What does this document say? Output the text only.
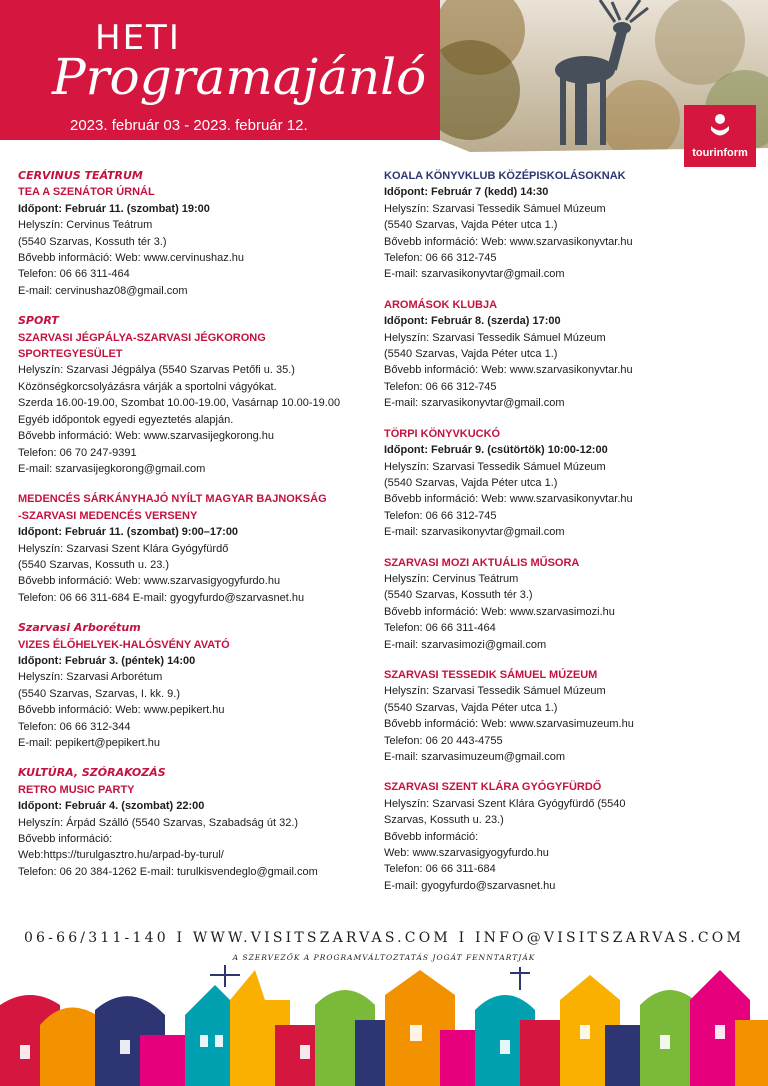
HETI
Programajánló
2023. február 03 - 2023. február 12.
tourinform
CERVINUS TEÁTRUM
TEA A SZENÁTOR ÚRNÁL
Időpont: Február 11. (szombat) 19:00
Helyszín: Cervinus Teátrum
(5540 Szarvas, Kossuth tér 3.)
Bővebb információ: Web: www.cervinushaz.hu
Telefon: 06 66 311-464
E-mail: cervinushaz08@gmail.com
SPORT
SZARVASI JÉGPÁLYA-SZARVASI JÉGKORONG
SPORTEGYESÜLET
Helyszín: Szarvasi Jégpálya (5540 Szarvas Petőfi u. 35.)
Közönségkorcsolyázásra várják a sportolni vágyókat.
Szerda 16.00-19.00, Szombat 10.00-19.00, Vasárnap 10.00-19.00
Egyéb időpontok egyedi egyeztetés alapján.
Bővebb információ: Web: www.szarvasijegkorong.hu
Telefon: 06 70 247-9391
E-mail: szarvasijegkorong@gmail.com
MEDENCÉS SÁRKÁNYHAJÓ NYÍLT MAGYAR BAJNOKSÁG
-SZARVASI MEDENCÉS VERSENY
Időpont: Február 11. (szombat) 9:00–17:00
Helyszín: Szarvasi Szent Klára Gyógyfürdő
(5540 Szarvas, Kossuth u. 23.)
Bővebb információ: Web: www.szarvasigyogyfurdo.hu
Telefon: 06 66 311-684 E-mail: gyogyfurdo@szarvasnet.hu
Szarvasi Arborétum
VIZES ÉLŐHELYEK-HALÓSVÉNY AVATÓ
Időpont: Február 3. (péntek) 14:00
Helyszín: Szarvasi Arborétum
(5540 Szarvas, Szarvas, I. kk. 9.)
Bővebb információ: Web: www.pepikert.hu
Telefon: 06 66 312-344
E-mail: pepikert@pepikert.hu
KULTÚRA, SZÓRAKOZÁS
RETRO MUSIC PARTY
Időpont: Február 4. (szombat) 22:00
Helyszín: Árpád Szálló (5540 Szarvas, Szabadság út 32.)
Bővebb információ:
Web:https://turulgasztro.hu/arpad-by-turul/
Telefon: 06 20 384-1262 E-mail: turulkisvendeglo@gmail.com
KOALA KÖNYVKLUB KÖZÉPISKOLÁSOKNAK
Időpont: Február 7 (kedd) 14:30
Helyszín: Szarvasi Tessedik Sámuel Múzeum
(5540 Szarvas, Vajda Péter utca 1.)
Bővebb információ: Web: www.szarvasikonyvtar.hu
Telefon: 06 66 312-745
E-mail: szarvasikonyvtar@gmail.com
AROMÁSOK KLUBJA
Időpont: Február 8. (szerda) 17:00
Helyszín: Szarvasi Tessedik Sámuel Múzeum
(5540 Szarvas, Vajda Péter utca 1.)
Bővebb információ: Web: www.szarvasikonyvtar.hu
Telefon: 06 66 312-745
E-mail: szarvasikonyvtar@gmail.com
TÖRPI KÖNYVKUCKÓ
Időpont: Február 9. (csütörtök) 10:00-12:00
Helyszín: Szarvasi Tessedik Sámuel Múzeum
(5540 Szarvas, Vajda Péter utca 1.)
Bővebb információ: Web: www.szarvasikonyvtar.hu
Telefon: 06 66 312-745
E-mail: szarvasikonyvtar@gmail.com
SZARVASI MOZI AKTUÁLIS MŰSORA
Helyszín: Cervinus Teátrum
(5540 Szarvas, Kossuth tér 3.)
Bővebb információ: Web: www.szarvasimozi.hu
Telefon: 06 66 311-464
E-mail: szarvasimozi@gmail.com
SZARVASI TESSEDIK SÁMUEL MÚZEUM
Helyszín: Szarvasi Tessedik Sámuel Múzeum
(5540 Szarvas, Vajda Péter utca 1.)
Bővebb információ: Web: www.szarvasimuzeum.hu
Telefon: 06 20 443-4755
E-mail: szarvasimuzeum@gmail.com
SZARVASI SZENT KLÁRA GYÓGYFÜRDŐ
Helyszín: Szarvasi Szent Klára Gyógyfürdő (5540
Szarvas, Kossuth u. 23.)
Bővebb információ:
Web: www.szarvasigyogyfurdo.hu
Telefon: 06 66 311-684
E-mail: gyogyfurdo@szarvasnet.hu
06-66/311-140 I WWW.VISITSZARVAS.COM I INFO@VISITSZARVAS.COM
A SZERVEZŐK A PROGRAMVÁLTOZTATÁS JOGÁT FENNTARTJÁK
